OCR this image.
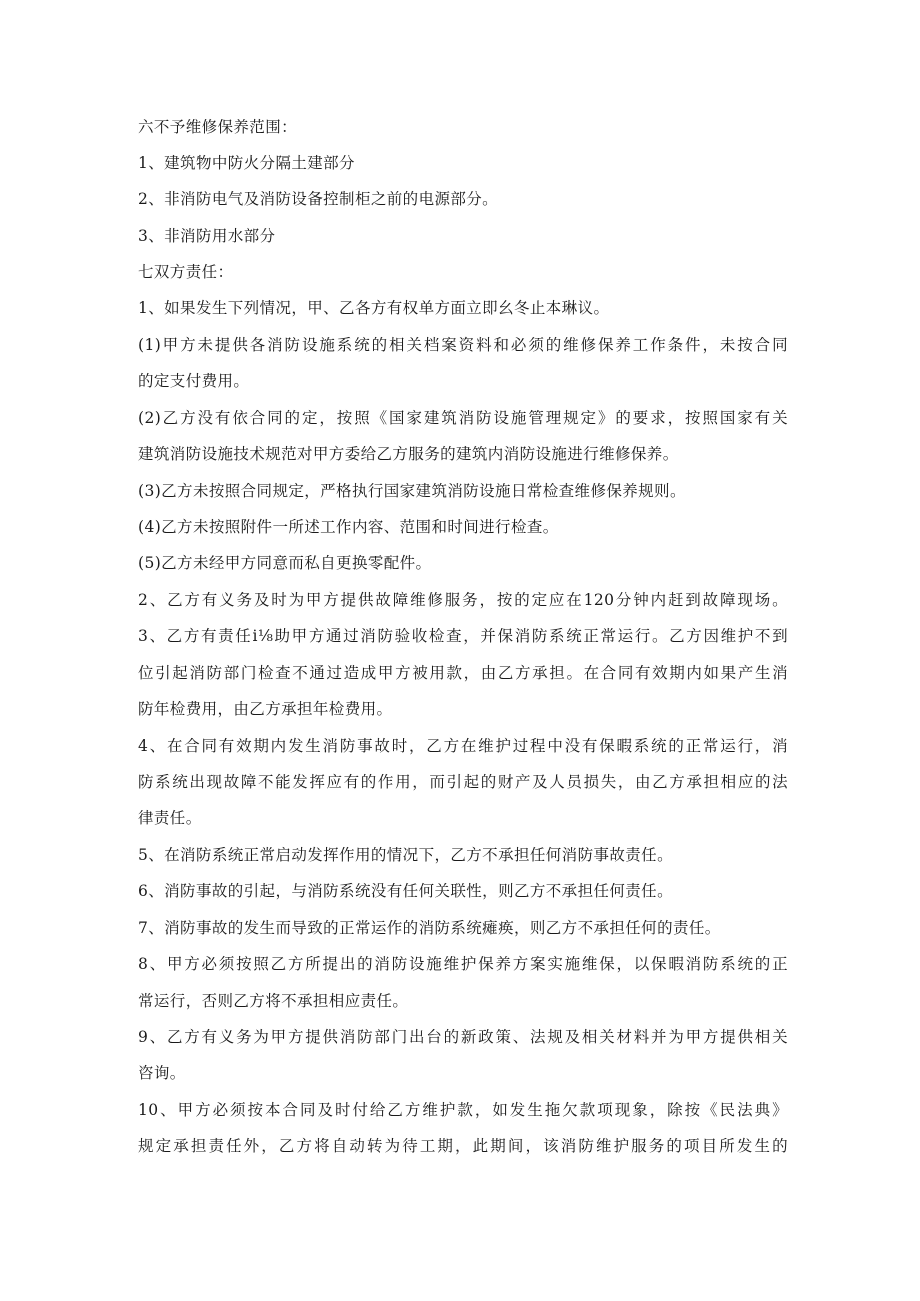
六不予维修保养范围：
1、建筑物中防火分隔土建部分
2、非消防电气及消防设备控制柜之前的电源部分。
3、非消防用水部分
七双方责任：
1、如果发生下列情况，甲、乙各方有权单方面立即幺冬止本琳议。
(1)甲方未提供各消防设施系统的相关档案资料和必须的维修保养工作条件，未按合同
的定支付费用。
(2)乙方没有依合同的定，按照《国家建筑消防设施管理规定》的要求，按照国家有关
建筑消防设施技术规范对甲方委给乙方服务的建筑内消防设施进行维修保养。
(3)乙方未按照合同规定，严格执行国家建筑消防设施日常检查维修保养规则。
(4)乙方未按照附件一所述工作内容、范围和时间进行检查。
(5)乙方未经甲方同意而私自更换零配件。
2、乙方有义务及时为甲方提供故障维修服务，按的定应在120分钟内赶到故障现场。
3、乙方有责任i⅛助甲方通过消防验收检查，并保消防系统正常运行。乙方因维护不到
位引起消防部门检查不通过造成甲方被用款，由乙方承担。在合同有效期内如果产生消
防年检费用，由乙方承担年检费用。
4、在合同有效期内发生消防事故时，乙方在维护过程中没有保暇系统的正常运行，消
防系统出现故障不能发挥应有的作用，而引起的财产及人员损失，由乙方承担相应的法
律责任。
5、在消防系统正常启动发挥作用的情况下，乙方不承担任何消防事故责任。
6、消防事故的引起，与消防系统没有任何关联性，则乙方不承担任何责任。
7、消防事故的发生而导致的正常运作的消防系统瘫痪，则乙方不承担任何的责任。
8、甲方必须按照乙方所提出的消防设施维护保养方案实施维保，以保暇消防系统的正
常运行，否则乙方将不承担相应责任。
9、乙方有义务为甲方提供消防部门出台的新政策、法规及相关材料并为甲方提供相关
咨询。
10、甲方必须按本合同及时付给乙方维护款，如发生拖欠款项现象，除按《民法典》
规定承担责任外，乙方将自动转为待工期，此期间，该消防维护服务的项目所发生的
